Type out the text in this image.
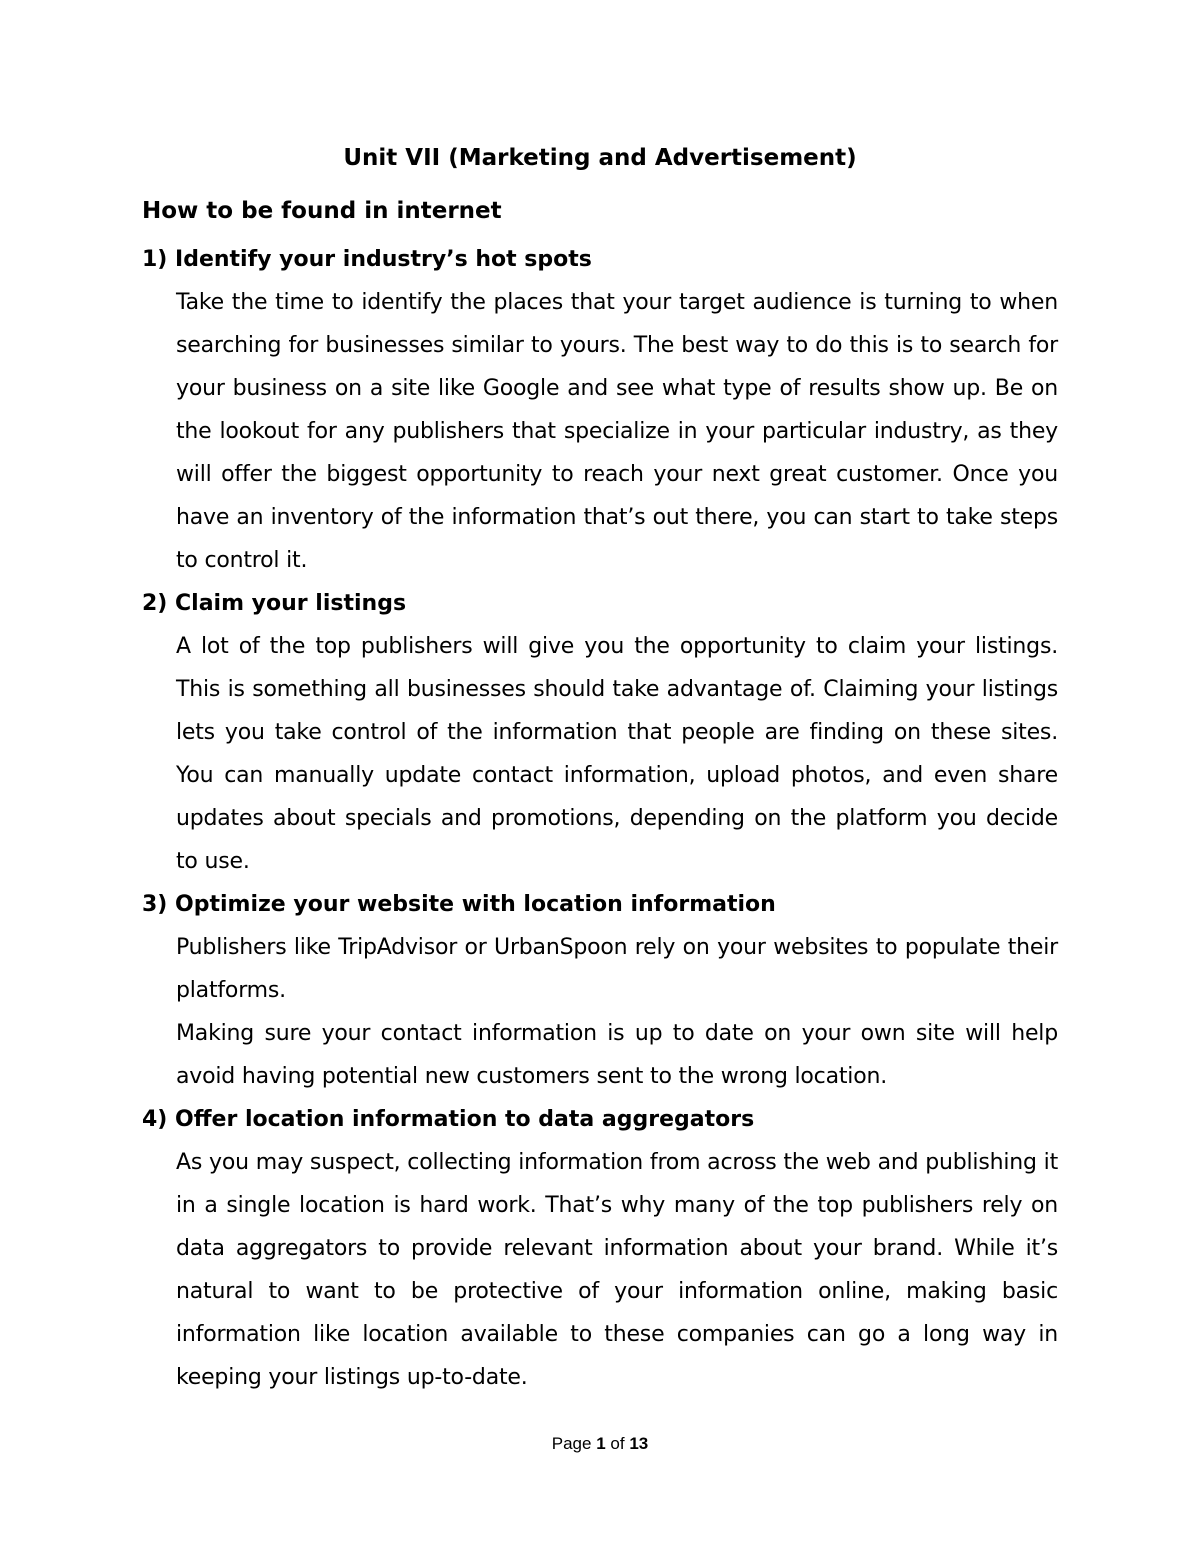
Unit VII (Marketing and Advertisement)
How to be found in internet
1) Identify your industry’s hot spots

Take the time to identify the places that your target audience is turning to when searching for businesses similar to yours. The best way to do this is to search for your business on a site like Google and see what type of results show up. Be on the lookout for any publishers that specialize in your particular industry, as they will offer the biggest opportunity to reach your next great customer. Once you have an inventory of the information that’s out there, you can start to take steps to control it.

2) Claim your listings

A lot of the top publishers will give you the opportunity to claim your listings. This is something all businesses should take advantage of. Claiming your listings lets you take control of the information that people are finding on these sites. You can manually update contact information, upload photos, and even share updates about specials and promotions, depending on the platform you decide to use.

3) Optimize your website with location information

Publishers like TripAdvisor or UrbanSpoon rely on your websites to populate their platforms.

Making sure your contact information is up to date on your own site will help avoid having potential new customers sent to the wrong location.

4) Offer location information to data aggregators

As you may suspect, collecting information from across the web and publishing it in a single location is hard work. That’s why many of the top publishers rely on data aggregators to provide relevant information about your brand. While it’s natural to want to be protective of your information online, making basic information like location available to these companies can go a long way in keeping your listings up-to-date.

Page 1 of 13
